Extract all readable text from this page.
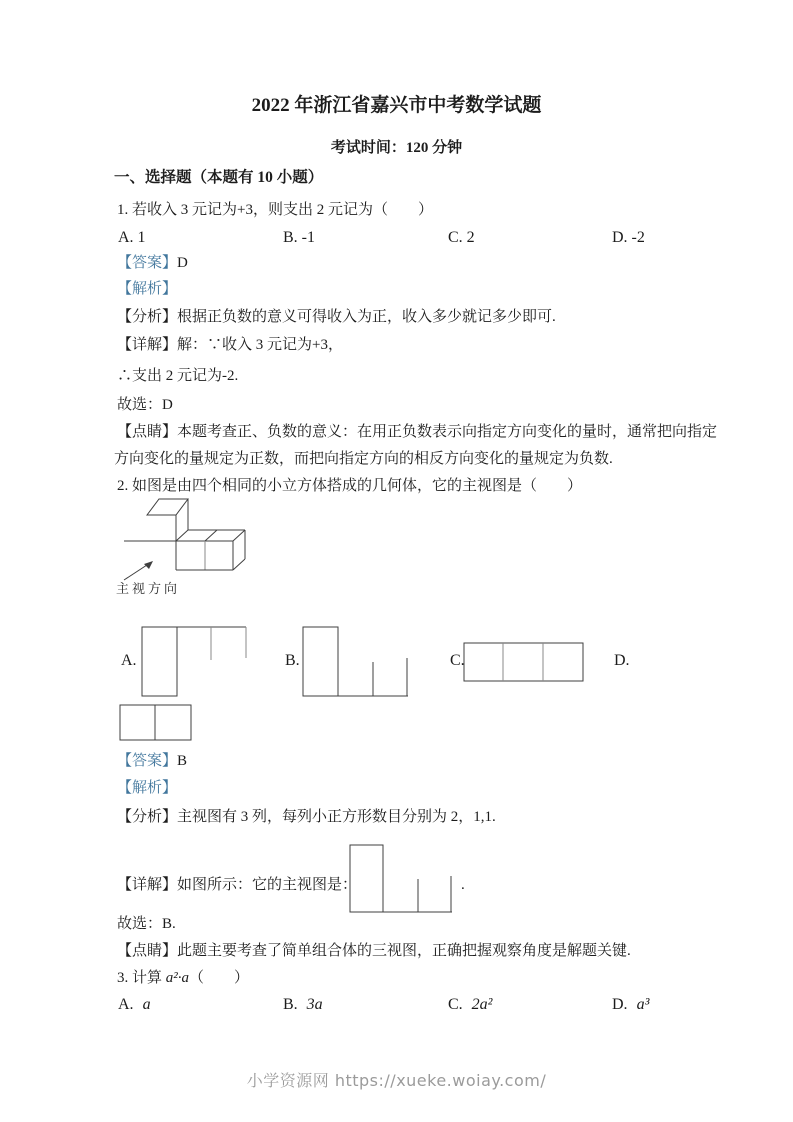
2022 年浙江省嘉兴市中考数学试题
考试时间：120 分钟
一、选择题（本题有 10 小题）
1. 若收入 3 元记为+3，则支出 2 元记为（　　）
A. 1	B. -1	C. 2	D. -2
【答案】D
【解析】
【分析】根据正负数的意义可得收入为正，收入多少就记多少即可.
【详解】解：∵收入 3 元记为+3，
∴支出 2 元记为-2.
故选：D
【点睛】本题考查正、负数的意义：在用正负数表示向指定方向变化的量时，通常把向指定
方向变化的量规定为正数，而把向指定方向的相反方向变化的量规定为负数.
2. 如图是由四个相同的小立方体搭成的几何体，它的主视图是（　　）
主视方向
A.	B.	C.	D.
【答案】B
【解析】
【分析】主视图有 3 列，每列小正方形数目分别为 2，1,1.
【详解】如图所示：它的主视图是：	.
故选：B.
【点睛】此题主要考查了简单组合体的三视图，正确把握观察角度是解题关键.
3. 计算 a²·a（　　）
A. a	B. 3a	C. 2a²	D. a³
小学资源网 https://xueke.woiay.com/
